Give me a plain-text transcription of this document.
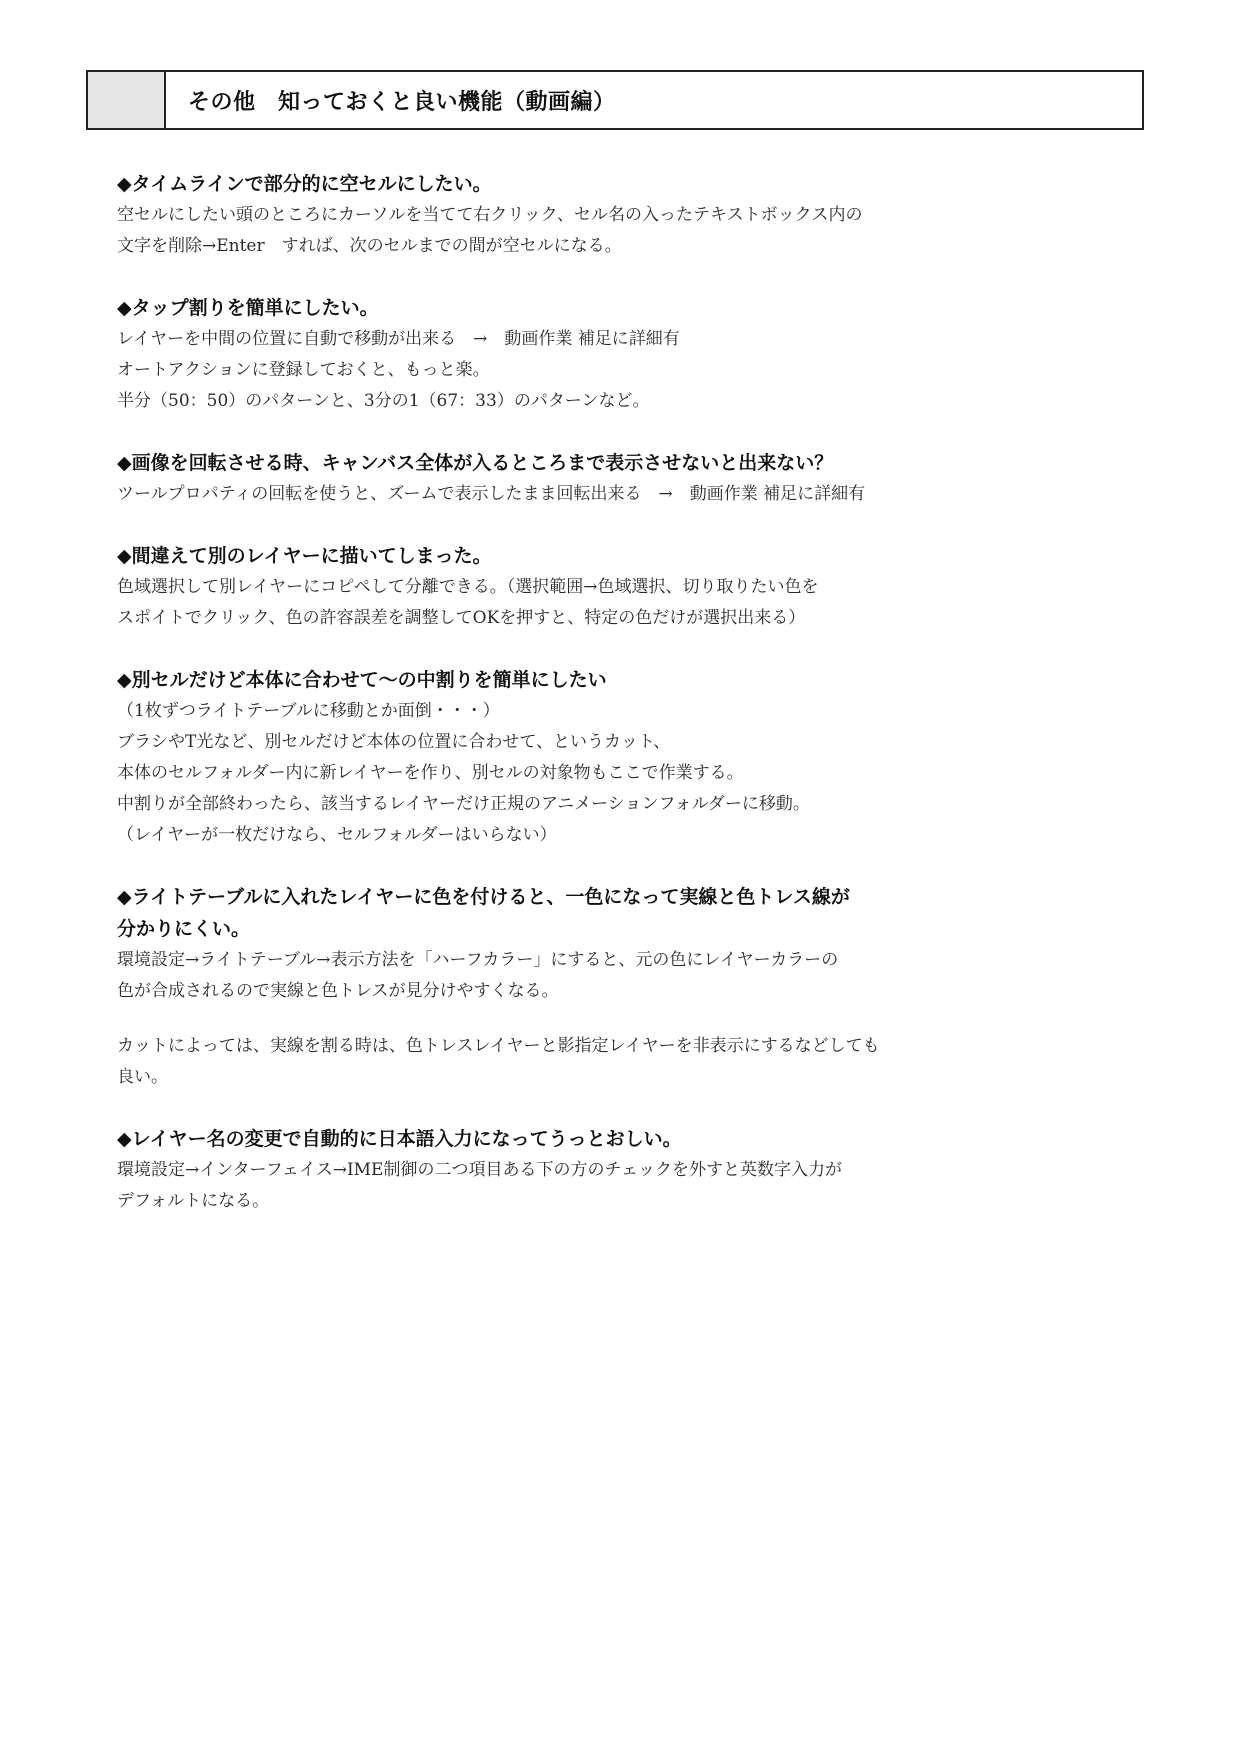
その他　知っておくと良い機能（動画編）

◆タイムラインで部分的に空セルにしたい。

空セルにしたい頭のところにカーソルを当てて右クリック、セル名の入ったテキストボックス内の

文字を削除→Enter　すれば、次のセルまでの間が空セルになる。

◆タップ割りを簡単にしたい。

レイヤーを中間の位置に自動で移動が出来る　→　動画作業 補足に詳細有

オートアクションに登録しておくと、もっと楽。

半分（50：50）のパターンと、3分の1（67：33）のパターンなど。

◆画像を回転させる時、キャンバス全体が入るところまで表示させないと出来ない？

ツールプロパティの回転を使うと、ズームで表示したまま回転出来る　→　動画作業 補足に詳細有

◆間違えて別のレイヤーに描いてしまった。

色域選択して別レイヤーにコピペして分離できる。（選択範囲→色域選択、切り取りたい色を

スポイトでクリック、色の許容誤差を調整してOKを押すと、特定の色だけが選択出来る）

◆別セルだけど本体に合わせて～の中割りを簡単にしたい

（1枚ずつライトテーブルに移動とか面倒・・・）

ブラシやT光など、別セルだけど本体の位置に合わせて、というカット、

本体のセルフォルダー内に新レイヤーを作り、別セルの対象物もここで作業する。

中割りが全部終わったら、該当するレイヤーだけ正規のアニメーションフォルダーに移動。

（レイヤーが一枚だけなら、セルフォルダーはいらない）

◆ライトテーブルに入れたレイヤーに色を付けると、一色になって実線と色トレス線が

分かりにくい。

環境設定→ライトテーブル→表示方法を「ハーフカラー」にすると、元の色にレイヤーカラーの

色が合成されるので実線と色トレスが見分けやすくなる。

カットによっては、実線を割る時は、色トレスレイヤーと影指定レイヤーを非表示にするなどしても

良い。

◆レイヤー名の変更で自動的に日本語入力になってうっとおしい。

環境設定→インターフェイス→IME制御の二つ項目ある下の方のチェックを外すと英数字入力が

デフォルトになる。
